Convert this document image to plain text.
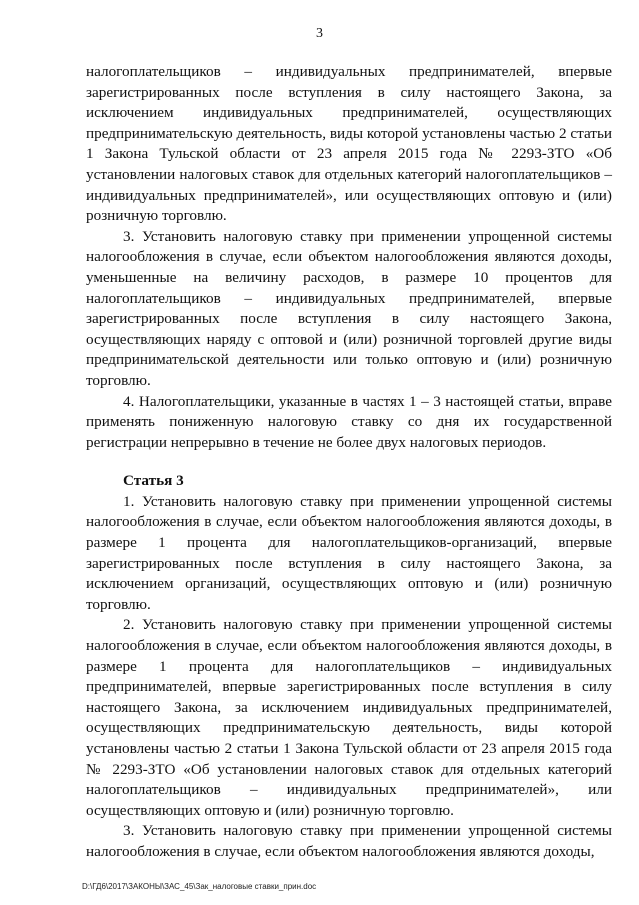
3

налогоплательщиков – индивидуальных предпринимателей, впервые зарегистрированных после вступления в силу настоящего Закона, за исключением индивидуальных предпринимателей, осуществляющих предпринимательскую деятельность, виды которой установлены частью 2 статьи 1 Закона Тульской области от 23 апреля 2015 года № 2293-ЗТО «Об установлении налоговых ставок для отдельных категорий налогоплательщиков – индивидуальных предпринимателей», или осуществляющих оптовую и (или) розничную торговлю.

3. Установить налоговую ставку при применении упрощенной системы налогообложения в случае, если объектом налогообложения являются доходы, уменьшенные на величину расходов, в размере 10 процентов для налогоплательщиков – индивидуальных предпринимателей, впервые зарегистрированных после вступления в силу настоящего Закона, осуществляющих наряду с оптовой и (или) розничной торговлей другие виды предпринимательской деятельности или только оптовую и (или) розничную торговлю.

4. Налогоплательщики, указанные в частях 1 – 3 настоящей статьи, вправе применять пониженную налоговую ставку со дня их государственной регистрации непрерывно в течение не более двух налоговых периодов.

Статья 3

1. Установить налоговую ставку при применении упрощенной системы налогообложения в случае, если объектом налогообложения являются доходы, в размере 1 процента для налогоплательщиков-организаций, впервые зарегистрированных после вступления в силу настоящего Закона, за исключением организаций, осуществляющих оптовую и (или) розничную торговлю.

2. Установить налоговую ставку при применении упрощенной системы налогообложения в случае, если объектом налогообложения являются доходы, в размере 1 процента для налогоплательщиков – индивидуальных предпринимателей, впервые зарегистрированных после вступления в силу настоящего Закона, за исключением индивидуальных предпринимателей, осуществляющих предпринимательскую деятельность, виды которой установлены частью 2 статьи 1 Закона Тульской области от 23 апреля 2015 года № 2293-ЗТО «Об установлении налоговых ставок для отдельных категорий налогоплательщиков – индивидуальных предпринимателей», или осуществляющих оптовую и (или) розничную торговлю.

3. Установить налоговую ставку при применении упрощенной системы налогообложения в случае, если объектом налогообложения являются доходы,

D:\ГД6\2017\ЗАКОНЫ\ЗАС_45\Зак_налоговые ставки_прин.doc
